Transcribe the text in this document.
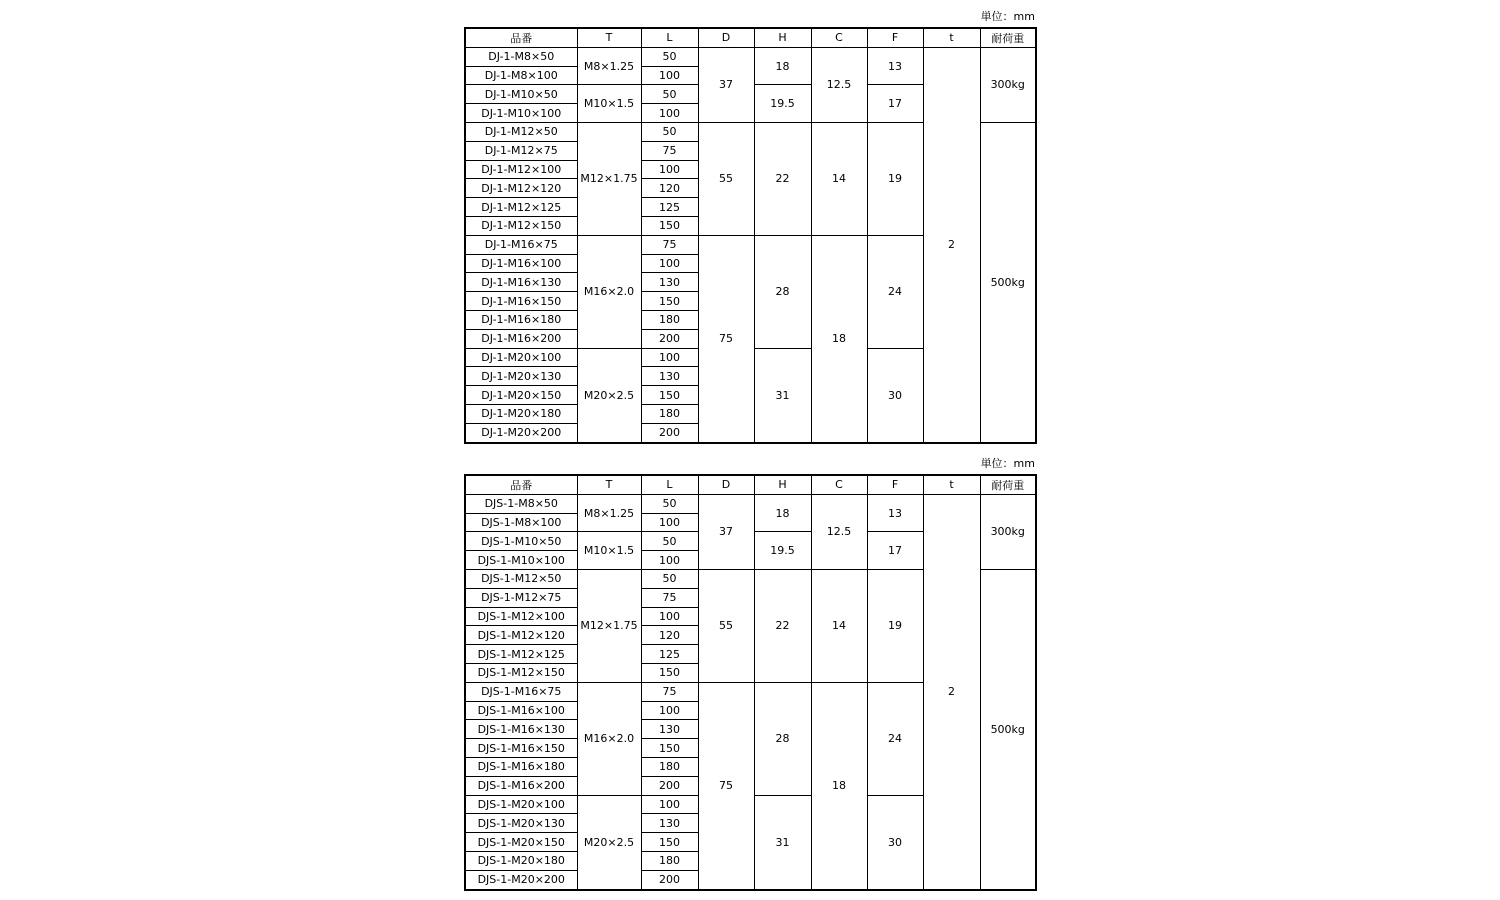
単位：mm
品番	T	L	D	H	C	F	t	耐荷重
DJ-1-M8×50	M8×1.25	50	37	18	12.5	13	2	300kg
DJ-1-M8×100		100						
DJ-1-M10×50	M10×1.5	50		19.5		17		
DJ-1-M10×100		100						
DJ-1-M12×50	M12×1.75	50	55	22	14	19		500kg
DJ-1-M12×75		75						
DJ-1-M12×100		100						
DJ-1-M12×120		120						
DJ-1-M12×125		125						
DJ-1-M12×150		150						
DJ-1-M16×75	M16×2.0	75	75	28	18	24		
DJ-1-M16×100		100						
DJ-1-M16×130		130						
DJ-1-M16×150		150						
DJ-1-M16×180		180						
DJ-1-M16×200		200						
DJ-1-M20×100	M20×2.5	100		31		30		
DJ-1-M20×130		130						
DJ-1-M20×150		150						
DJ-1-M20×180		180						
DJ-1-M20×200		200						
単位：mm
品番	T	L	D	H	C	F	t	耐荷重
DJS-1-M8×50	M8×1.25	50	37	18	12.5	13	2	300kg
DJS-1-M8×100		100						
DJS-1-M10×50	M10×1.5	50		19.5		17		
DJS-1-M10×100		100						
DJS-1-M12×50	M12×1.75	50	55	22	14	19		500kg
DJS-1-M12×75		75						
DJS-1-M12×100		100						
DJS-1-M12×120		120						
DJS-1-M12×125		125						
DJS-1-M12×150		150						
DJS-1-M16×75	M16×2.0	75	75	28	18	24		
DJS-1-M16×100		100						
DJS-1-M16×130		130						
DJS-1-M16×150		150						
DJS-1-M16×180		180						
DJS-1-M16×200		200						
DJS-1-M20×100	M20×2.5	100		31		30		
DJS-1-M20×130		130						
DJS-1-M20×150		150						
DJS-1-M20×180		180						
DJS-1-M20×200		200						
